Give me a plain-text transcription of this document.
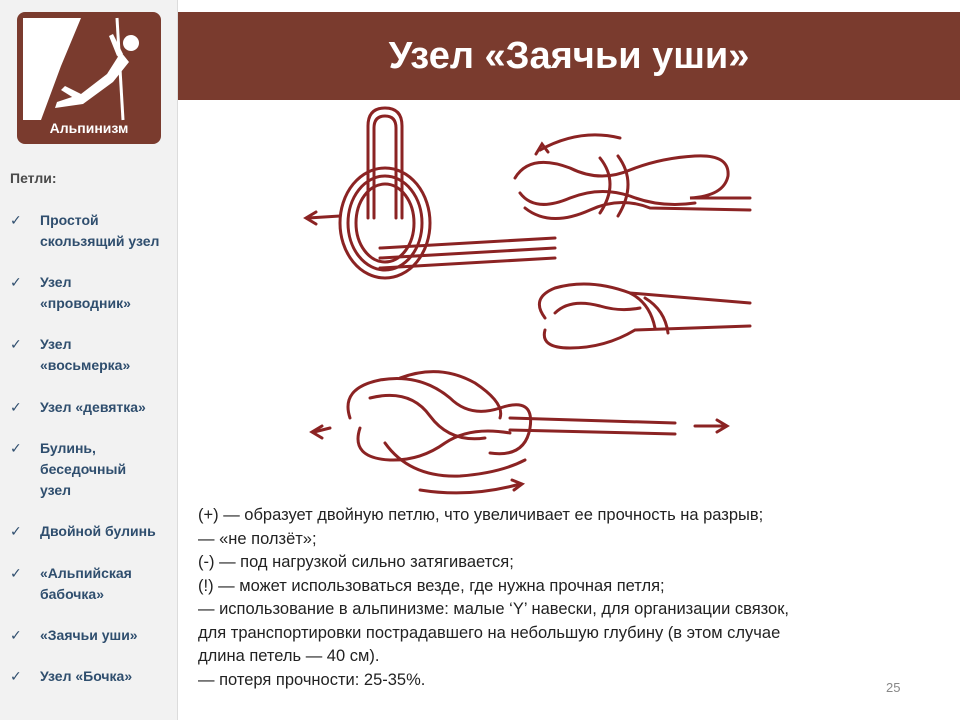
Альпинизм
Петли:
✓ Простой
скользящий узел
✓ Узел
«проводник»
✓ Узел
«восьмерка»
✓ Узел «девятка»
✓ Булинь,
беседочный
узел
✓ Двойной булинь
✓ «Альпийская
бабочка»
✓ «Заячьи уши»
✓ Узел «Бочка»
Узел «Заячьи уши»
(+) — образует двойную петлю, что увеличивает ее прочность на разрыв;
— «не ползёт»;
(-) — под нагрузкой сильно затягивается;
(!) — может использоваться везде, где нужна прочная петля;
— использование в альпинизме: малые ‘Y’ навески, для организации связок,
для транспортировки пострадавшего на небольшую глубину (в этом случае
длина петель — 40 см).
— потеря прочности: 25-35%.	25
